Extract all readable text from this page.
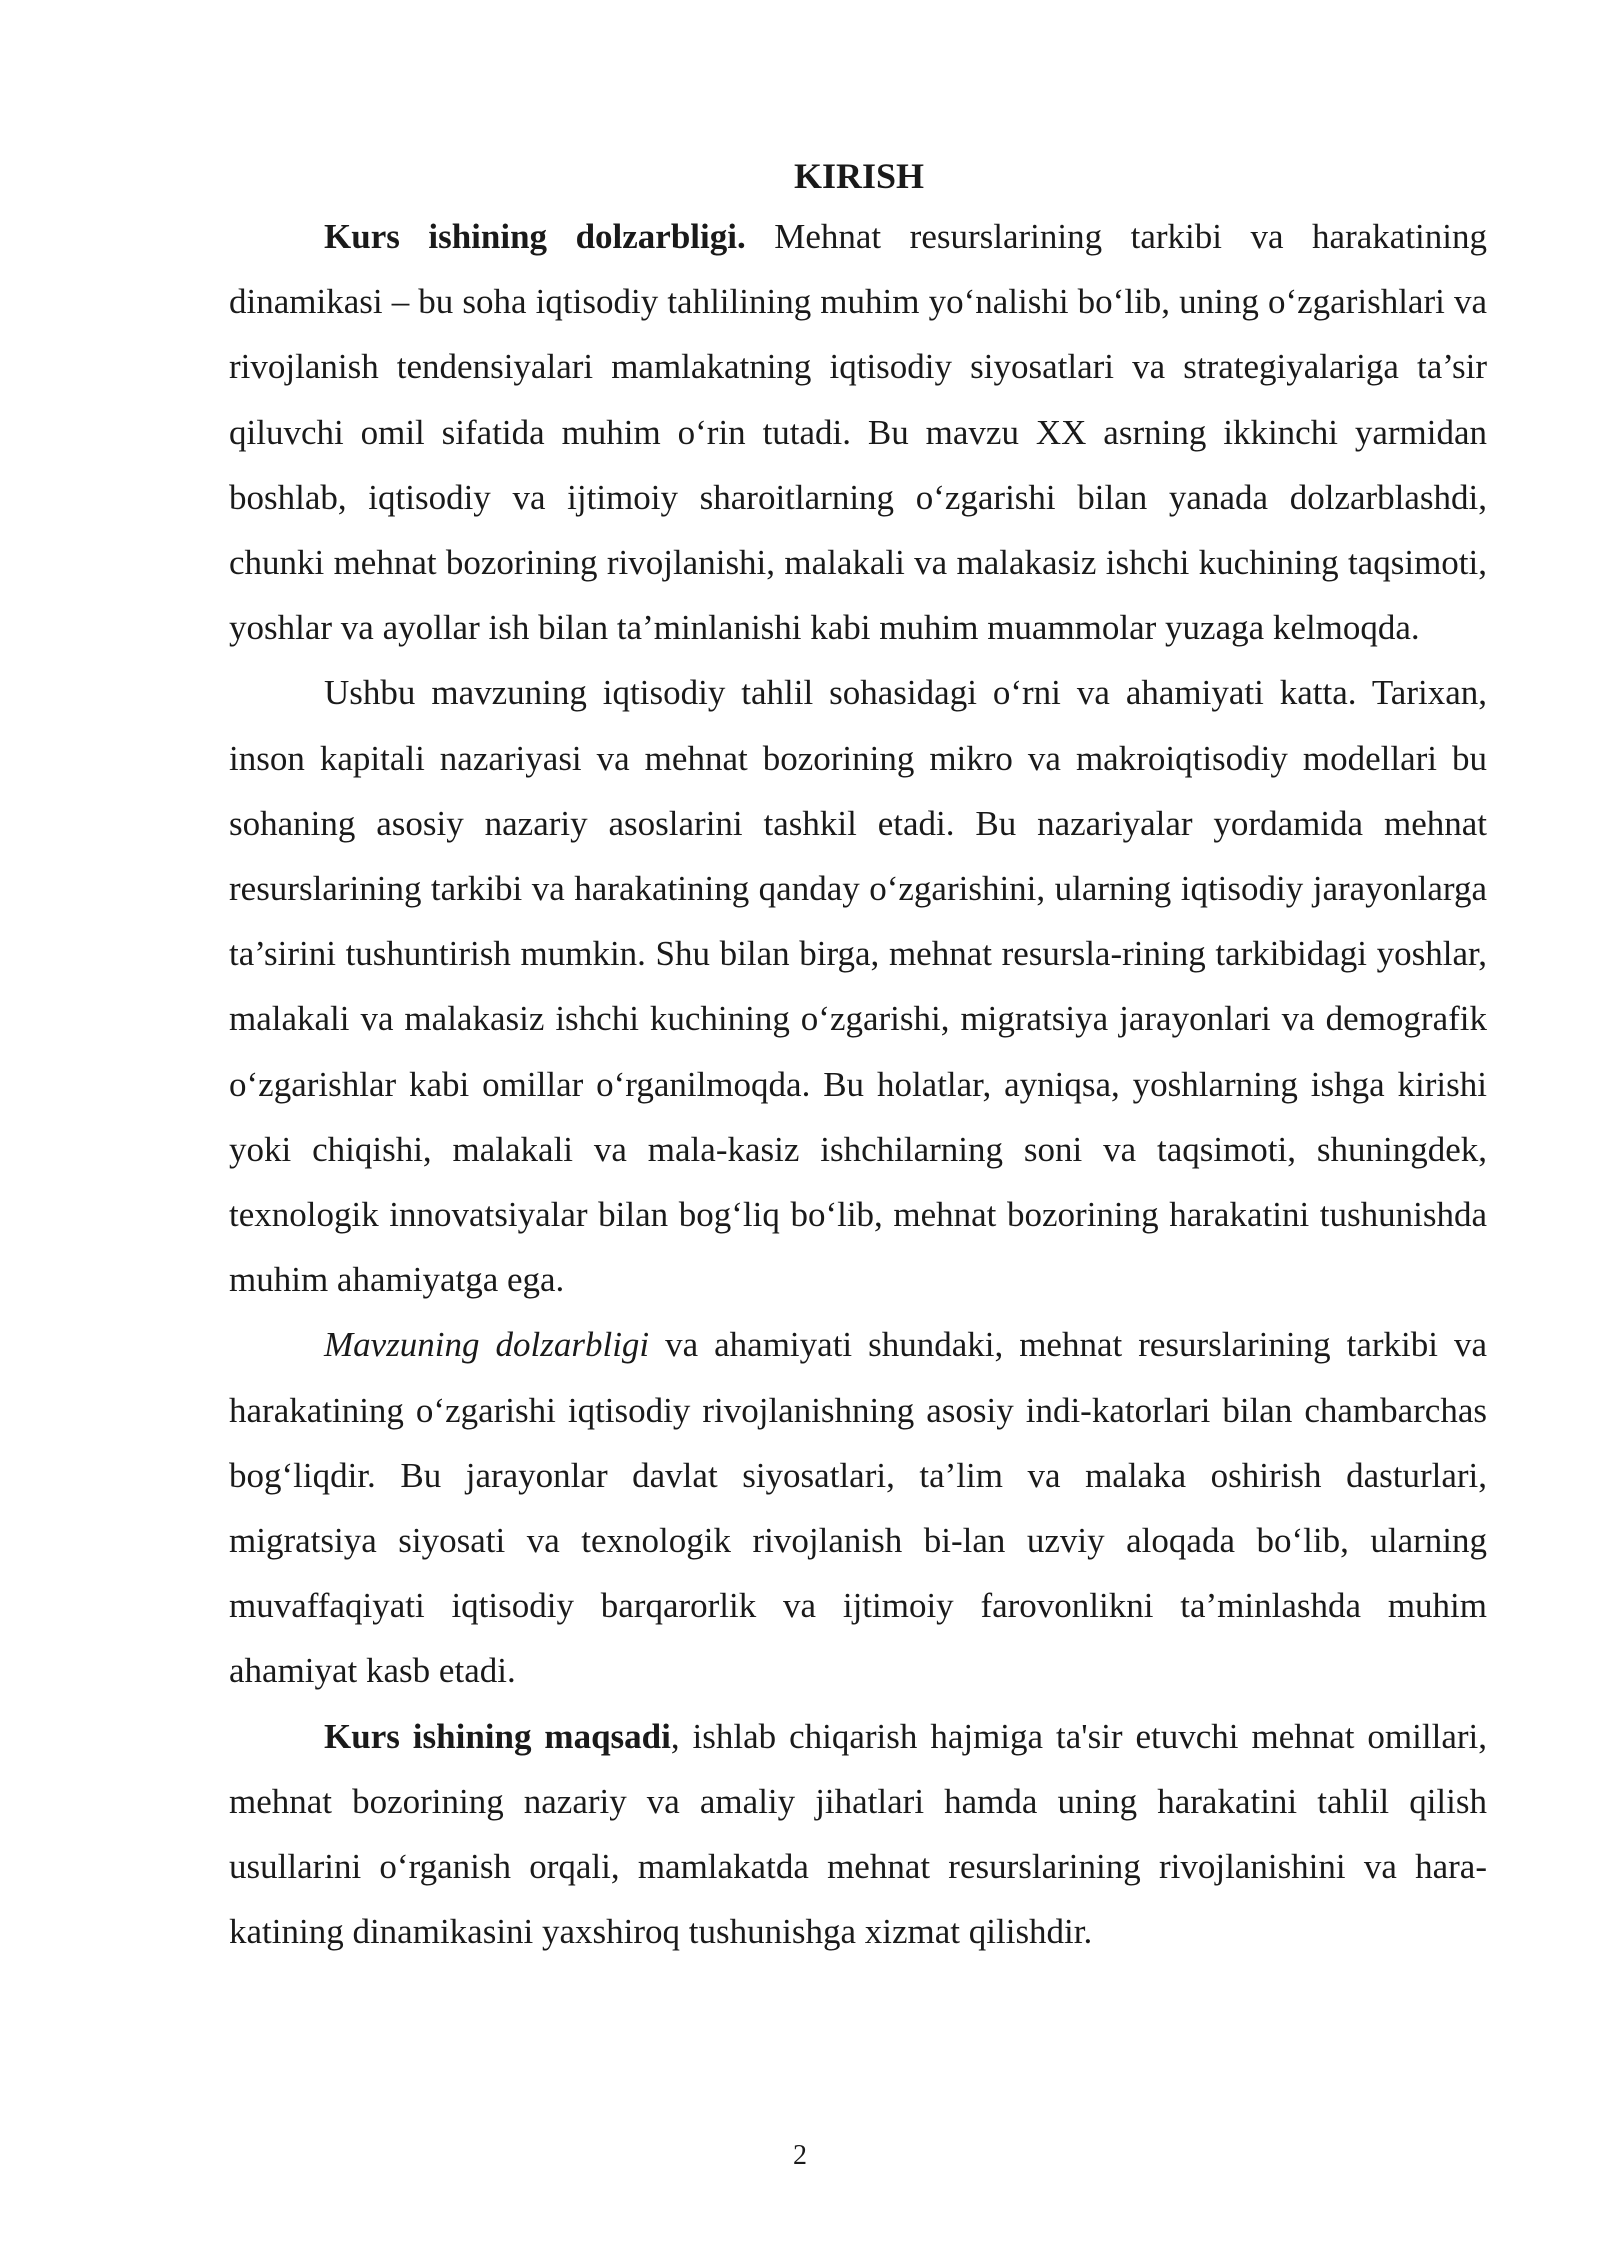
KIRISH

Kurs ishining dolzarbligi. Mehnat resurslarining tarkibi va harakatining dinamikasi – bu soha iqtisodiy tahlilining muhim yoʻnalishi boʻlib, uning oʻzgarishlari va rivojlanish tendensiyalari mamlakatning iqtisodiy siyosatlari va strategiyalariga ta’sir qiluvchi omil sifatida muhim oʻrin tutadi. Bu mavzu XX asrning ikkinchi yarmidan boshlab, iqtisodiy va ijtimoiy sharoitlarning oʻzgarishi bilan yanada dolzarblashdi, chunki mehnat bozorining rivojlanishi, malakali va malakasiz ishchi kuchining taqsimoti, yoshlar va ayollar ish bilan ta’minlanishi kabi muhim muammolar yuzaga kelmoqda.

Ushbu mavzuning iqtisodiy tahlil sohasidagi oʻrni va ahamiyati katta. Tarixan, inson kapitali nazariyasi va mehnat bozorining mikro va makroiqtisodiy modellari bu sohaning asosiy nazariy asoslarini tashkil etadi. Bu nazariyalar yordamida mehnat resurslarining tarkibi va harakatining qanday oʻzgarishini, ularning iqtisodiy jarayonlarga ta’sirini tushuntirish mumkin. Shu bilan birga, mehnat resursla-rining tarkibidagi yoshlar, malakali va malakasiz ishchi kuchining oʻzgarishi, migratsiya jarayonlari va demografik oʻzgarishlar kabi omillar oʻrganilmoqda. Bu holatlar, ayniqsa, yoshlarning ishga kirishi yoki chiqishi, malakali va mala-kasiz ishchilarning soni va taqsimoti, shuningdek, texnologik innovatsiyalar bilan bogʻliq boʻlib, mehnat bozorining harakatini tushunishda muhim ahamiyatga ega.

Mavzuning dolzarbligi va ahamiyati shundaki, mehnat resurslarining tarkibi va harakatining oʻzgarishi iqtisodiy rivojlanishning asosiy indi-katorlari bilan chambarchas bogʻliqdir. Bu jarayonlar davlat siyosatlari, ta’lim va malaka oshirish dasturlari, migratsiya siyosati va texnologik rivojlanish bi-lan uzviy aloqada boʻlib, ularning muvaffaqiyati iqtisodiy barqarorlik va ijtimoiy farovonlikni ta’minlashda muhim ahamiyat kasb etadi.

Kurs ishining maqsadi, ishlab chiqarish hajmiga ta'sir etuvchi mehnat omillari, mehnat bozorining nazariy va amaliy jihatlari hamda uning harakatini tahlil qilish usullarini oʻrganish orqali, mamlakatda mehnat resurslarining rivojlanishini va hara-katining dinamikasini yaxshiroq tushunishga xizmat qilishdir.

2
